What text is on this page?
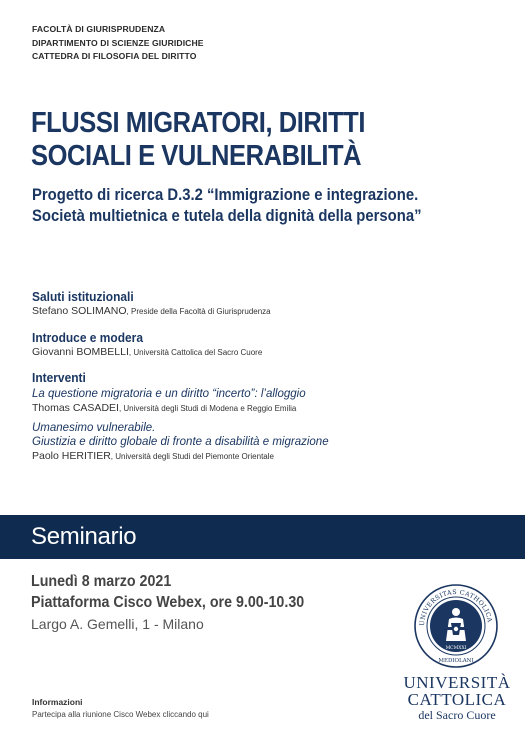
FACOLTÀ DI GIURISPRUDENZA
DIPARTIMENTO DI SCIENZE GIURIDICHE
CATTEDRA DI FILOSOFIA DEL DIRITTO
FLUSSI MIGRATORI, DIRITTI
SOCIALI E VULNERABILITÀ
Progetto di ricerca D.3.2 “Immigrazione e integrazione.
Società multietnica e tutela della dignità della persona”
Saluti istituzionali
Stefano SOLIMANO, Preside della Facoltà di Giurisprudenza
Introduce e modera
Giovanni BOMBELLI, Università Cattolica del Sacro Cuore
Interventi
La questione migratoria e un diritto “incerto”: l’alloggio
Thomas CASADEI, Università degli Studi di Modena e Reggio Emilia
Umanesimo vulnerabile.
Giustizia e diritto globale di fronte a disabilità e migrazione
Paolo HERITIER, Università degli Studi del Piemonte Orientale
Seminario
Lunedì 8 marzo 2021
Piattaforma Cisco Webex, ore 9.00-10.30
Largo A. Gemelli, 1 - Milano
Informazioni
Partecipa alla riunione Cisco Webex cliccando qui
UNIVERSITAS CATHOLICA
MCMXXI
MEDIOLANI
UNIVERSITÀ
CATTOLICA
del Sacro Cuore
